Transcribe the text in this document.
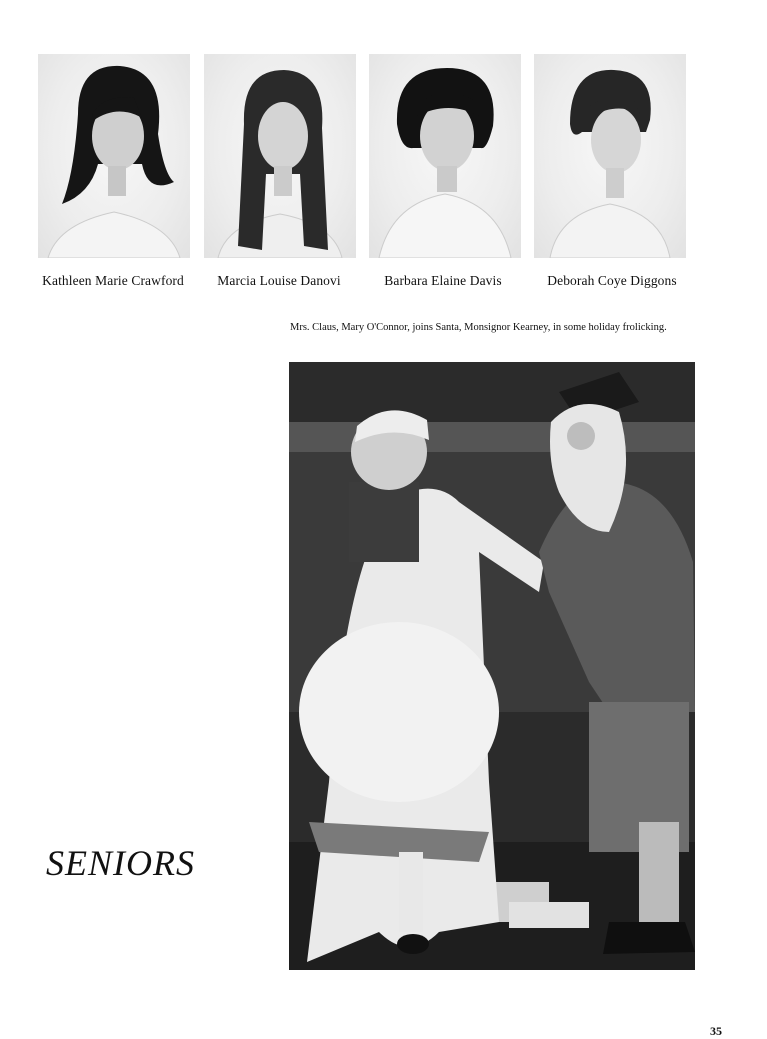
Kathleen Marie Crawford	Marcia Louise Danovi	Barbara Elaine Davis	Deborah Coye Diggons
Mrs. Claus, Mary O'Connor, joins Santa, Monsignor Kearney, in some holiday frolicking.
SENIORS
35
